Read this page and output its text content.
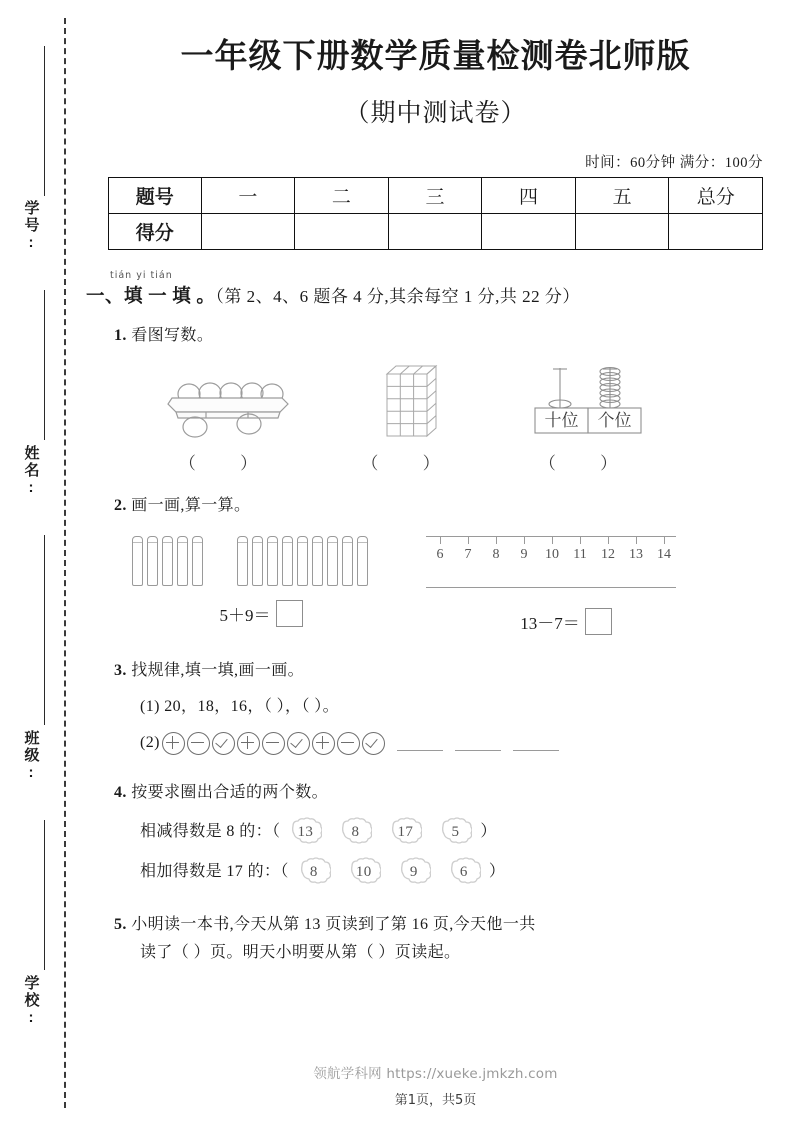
学号:
姓名:
班级:
学校:
一年级下册数学质量检测卷北师版
（期中测试卷）
时间：60分钟 满分：100分
题号	一	二	三	四	五	总分
得分						
tián yi tián
一、填 一 填 。（第 2、4、6 题各 4 分,其余每空 1 分,共 22 分）
1. 看图写数。
（ ）	（ ）
十位 个位
（ ）
2. 画一画,算一算。
5＋9＝
6 7 8 9 10 11 12 13 14
13－7＝
3. 找规律,填一填,画一画。
(1) 20，18，16，（ ），（ ）。
(2)
4. 按要求圈出合适的两个数。
相减得数是 8 的：（ 13	8	17	5 ）
相加得数是 17 的：（ 8	10	9	6 ）
5. 小明读一本书,今天从第 13 页读到了第 16 页,今天他一共
读了（ ）页。明天小明要从第（ ）页读起。
领航学科网 https://xueke.jmkzh.com
第1页，共5页
